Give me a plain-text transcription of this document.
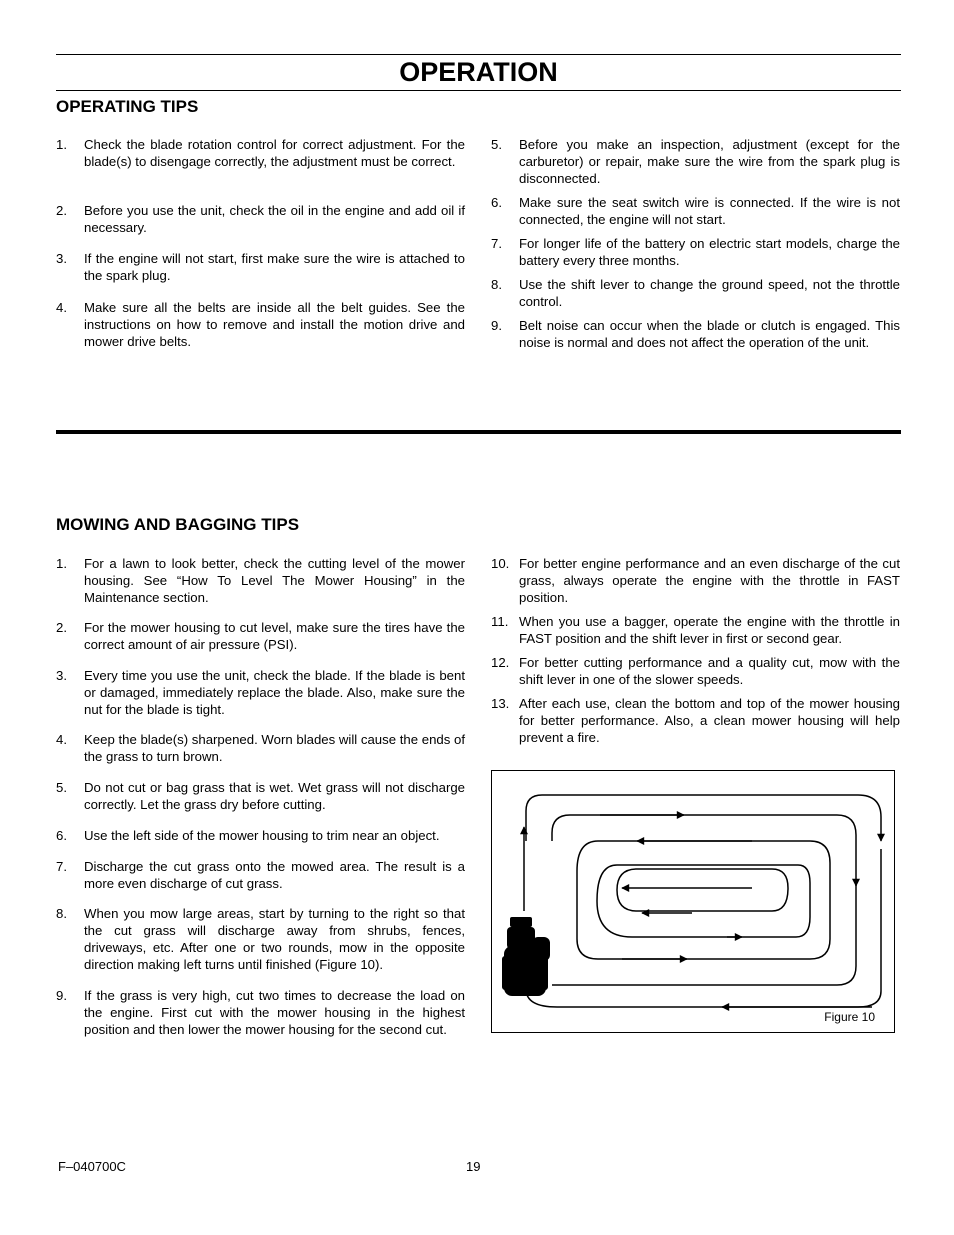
OPERATION
OPERATING TIPS
1. Check the blade rotation control for correct adjustment. For the blade(s) to disengage correctly, the adjustment must be correct.
2. Before you use the unit, check the oil in the engine and add oil if necessary.
3. If the engine will not start, first make sure the wire is attached to the spark plug.
4. Make sure all the belts are inside all the belt guides. See the instructions on how to remove and install the motion drive and mower drive belts.
5. Before you make an inspection, adjustment (except for the carburetor) or repair, make sure the wire from the spark plug is disconnected.
6. Make sure the seat switch wire is connected. If the wire is not connected, the engine will not start.
7. For longer life of the battery on electric start models, charge the battery every three months.
8. Use the shift lever to change the ground speed, not the throttle control.
9. Belt noise can occur when the blade or clutch is engaged. This noise is normal and does not affect the operation of the unit.
MOWING AND BAGGING TIPS
1. For a lawn to look better, check the cutting level of the mower housing. See “How To Level The Mower Housing” in the Maintenance section.
2. For the mower housing to cut level, make sure the tires have the correct amount of air pressure (PSI).
3. Every time you use the unit, check the blade. If the blade is bent or damaged, immediately replace the blade. Also, make sure the nut for the blade is tight.
4. Keep the blade(s) sharpened. Worn blades will cause the ends of the grass to turn brown.
5. Do not cut or bag grass that is wet. Wet grass will not discharge correctly. Let the grass dry before cutting.
6. Use the left side of the mower housing to trim near an object.
7. Discharge the cut grass onto the mowed area. The result is a more even discharge of cut grass.
8. When you mow large areas, start by turning to the right so that the cut grass will discharge away from shrubs, fences, driveways, etc. After one or two rounds, mow in the opposite direction making left turns until finished (Figure 10).
9. If the grass is very high, cut two times to decrease the load on the engine. First cut with the mower housing in the highest position and then lower the mower housing for the second cut.
10. For better engine performance and an even discharge of the cut grass, always operate the engine with the throttle in FAST position.
11. When you use a bagger, operate the engine with the throttle in FAST position and the shift lever in first or second gear.
12. For better cutting performance and a quality cut, mow with the shift lever in one of the slower speeds.
13. After each use, clean the bottom and top of the mower housing for better performance. Also, a clean mower housing will help prevent a fire.
Figure 10
F–040700C	19
